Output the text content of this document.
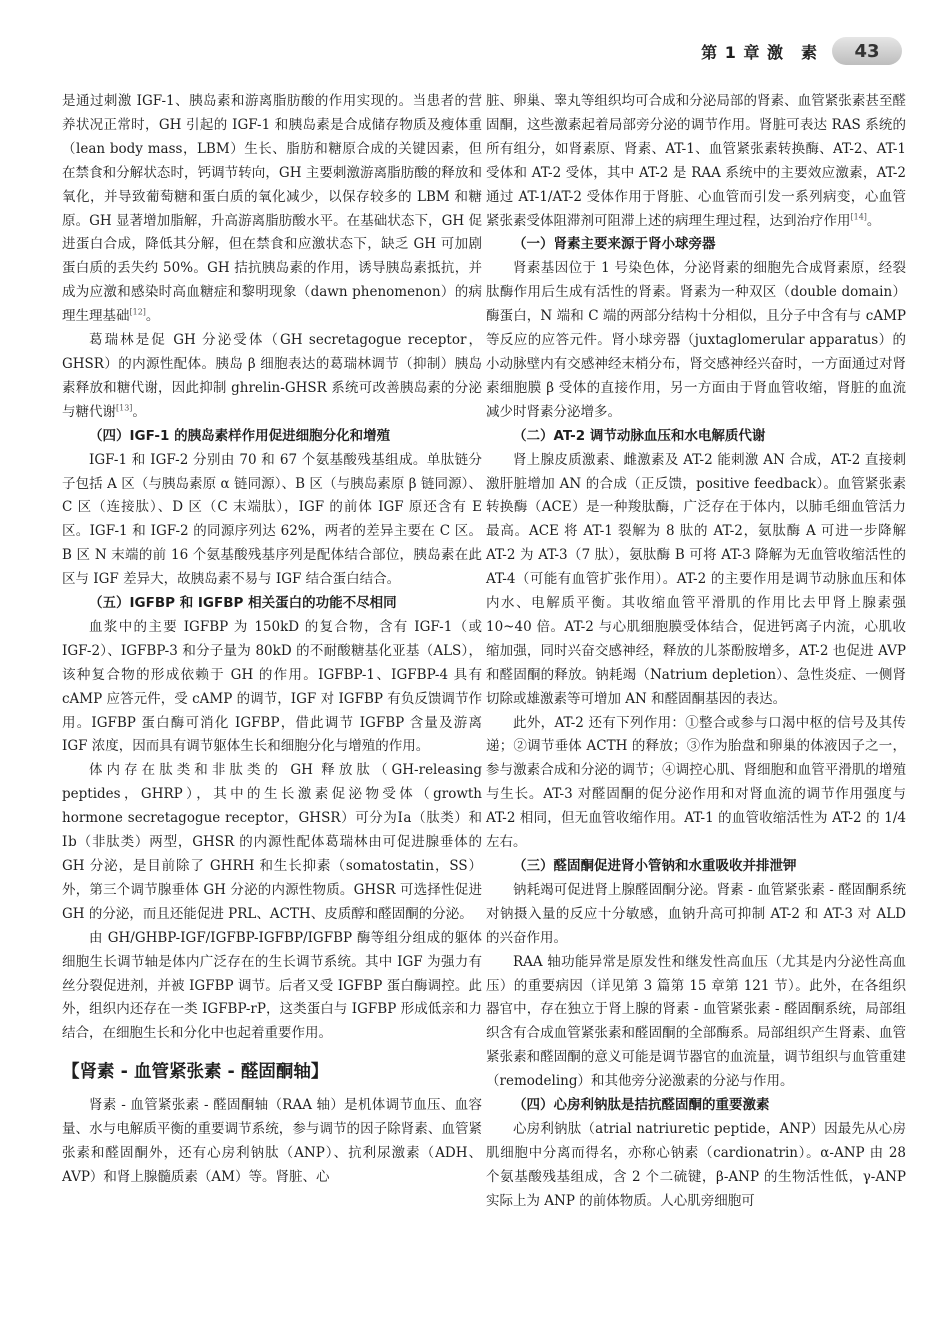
第 1 章 激　素	43

是通过刺激 IGF-1、胰岛素和游离脂肪酸的作用实现的。当患者的营养状况正常时，GH 引起的 IGF-1 和胰岛素是合成储存物质及瘦体重（lean body mass，LBM）生长、脂肪和糖原合成的关键因素，但在禁食和分解状态时，钙调节转向，GH 主要刺激游离脂肪酸的释放和氧化，并导致葡萄糖和蛋白质的氧化减少，以保存较多的 LBM 和糖原。GH 显著增加脂解，升高游离脂肪酸水平。在基础状态下，GH 促进蛋白合成，降低其分解，但在禁食和应激状态下，缺乏 GH 可加剧蛋白质的丢失约 50%。GH 拮抗胰岛素的作用，诱导胰岛素抵抗，并成为应激和感染时高血糖症和黎明现象（dawn phenomenon）的病理生理基础[12]。

葛瑞林是促 GH 分泌受体（GH secretagogue receptor，GHSR）的内源性配体。胰岛 β 细胞表达的葛瑞林调节（抑制）胰岛素释放和糖代谢，因此抑制 ghrelin-GHSR 系统可改善胰岛素的分泌与糖代谢[13]。

（四）IGF-1 的胰岛素样作用促进细胞分化和增殖

IGF-1 和 IGF-2 分别由 70 和 67 个氨基酸残基组成。单肽链分子包括 A 区（与胰岛素原 α 链同源）、B 区（与胰岛素原 β 链同源）、C 区（连接肽）、D 区（C 末端肽），IGF 的前体 IGF 原还含有 E 区。IGF-1 和 IGF-2 的同源序列达 62%，两者的差异主要在 C 区。B 区 N 末端的前 16 个氨基酸残基序列是配体结合部位，胰岛素在此区与 IGF 差异大，故胰岛素不易与 IGF 结合蛋白结合。

（五）IGFBP 和 IGFBP 相关蛋白的功能不尽相同

血浆中的主要 IGFBP 为 150kD 的复合物，含有 IGF-1（或 IGF-2）、IGFBP-3 和分子量为 80kD 的不耐酸糖基化亚基（ALS），该种复合物的形成依赖于 GH 的作用。IGFBP-1、IGFBP-4 具有 cAMP 应答元件，受 cAMP 的调节，IGF 对 IGFBP 有负反馈调节作用。IGFBP 蛋白酶可消化 IGFBP，借此调节 IGFBP 含量及游离 IGF 浓度，因而具有调节躯体生长和细胞分化与增殖的作用。

体内存在肽类和非肽类的 GH 释放肽（GH-releasing peptides，GHRP），其中的生长激素促泌物受体（growth hormone secretagogue receptor，GHSR）可分为Ⅰa（肽类）和Ⅰb（非肽类）两型，GHSR 的内源性配体葛瑞林由可促进腺垂体的 GH 分泌，是目前除了 GHRH 和生长抑素（somatostatin，SS）外，第三个调节腺垂体 GH 分泌的内源性物质。GHSR 可选择性促进 GH 的分泌，而且还能促进 PRL、ACTH、皮质醇和醛固酮的分泌。

由 GH/GHBP-IGF/IGFBP-IGFBP/IGFBP 酶等组分组成的躯体细胞生长调节轴是体内广泛存在的生长调节系统。其中 IGF 为强力有丝分裂促进剂，并被 IGFBP 调节。后者又受 IGFBP 蛋白酶调控。此外，组织内还存在一类 IGFBP-rP，这类蛋白与 IGFBP 形成低亲和力结合，在细胞生长和分化中也起着重要作用。

【肾素 - 血管紧张素 - 醛固酮轴】

肾素 - 血管紧张素 - 醛固酮轴（RAA 轴）是机体调节血压、血容量、水与电解质平衡的重要调节系统，参与调节的因子除肾素、血管紧张素和醛固酮外，还有心房利钠肽（ANP）、抗利尿激素（ADH、AVP）和肾上腺髓质素（AM）等。肾脏、心

脏、卵巢、睾丸等组织均可合成和分泌局部的肾素、血管紧张素甚至醛固酮，这些激素起着局部旁分泌的调节作用。肾脏可表达 RAS 系统的所有组分，如肾素原、肾素、AT-1、血管紧张素转换酶、AT-2、AT-1 受体和 AT-2 受体，其中 AT-2 是 RAA 系统中的主要效应激素，AT-2 通过 AT-1/AT-2 受体作用于肾脏、心血管而引发一系列病变，心血管紧张素受体阻滞剂可阻滞上述的病理生理过程，达到治疗作用[14]。

（一）肾素主要来源于肾小球旁器

肾素基因位于 1 号染色体，分泌肾素的细胞先合成肾素原，经裂肽酶作用后生成有活性的肾素。肾素为一种双区（double domain）酶蛋白，N 端和 C 端的两部分结构十分相似，且分子中含有与 cAMP 等反应的应答元件。肾小球旁器（juxtaglomerular apparatus）的小动脉壁内有交感神经末梢分布，肾交感神经兴奋时，一方面通过对肾素细胞膜 β 受体的直接作用，另一方面由于肾血管收缩，肾脏的血流减少时肾素分泌增多。

（二）AT-2 调节动脉血压和水电解质代谢

肾上腺皮质激素、雌激素及 AT-2 能刺激 AN 合成，AT-2 直接刺激肝脏增加 AN 的合成（正反馈，positive feedback）。血管紧张素转换酶（ACE）是一种羧肽酶，广泛存在于体内，以肺毛细血管活力最高。ACE 将 AT-1 裂解为 8 肽的 AT-2，氨肽酶 A 可进一步降解 AT-2 为 AT-3（7 肽），氨肽酶 B 可将 AT-3 降解为无血管收缩活性的 AT-4（可能有血管扩张作用）。AT-2 的主要作用是调节动脉血压和体内水、电解质平衡。其收缩血管平滑肌的作用比去甲肾上腺素强 10~40 倍。AT-2 与心肌细胞膜受体结合，促进钙离子内流，心肌收缩加强，同时兴奋交感神经，释放的儿茶酚胺增多，AT-2 也促进 AVP 和醛固酮的释放。钠耗竭（Natrium depletion）、急性炎症、一侧肾切除或雄激素等可增加 AN 和醛固酮基因的表达。

此外，AT-2 还有下列作用：①整合或参与口渴中枢的信号及其传递；②调节垂体 ACTH 的释放；③作为胎盘和卵巢的体液因子之一，参与激素合成和分泌的调节；④调控心肌、肾细胞和血管平滑肌的增殖与生长。AT-3 对醛固酮的促分泌作用和对肾血流的调节作用强度与 AT-2 相同，但无血管收缩作用。AT-1 的血管收缩活性为 AT-2 的 1/4 左右。

（三）醛固酮促进肾小管钠和水重吸收并排泄钾

钠耗竭可促进肾上腺醛固酮分泌。肾素 - 血管紧张素 - 醛固酮系统对钠摄入量的反应十分敏感，血钠升高可抑制 AT-2 和 AT-3 对 ALD 的兴奋作用。

RAA 轴功能异常是原发性和继发性高血压（尤其是内分泌性高血压）的重要病因（详见第 3 篇第 15 章第 121 节）。此外，在各组织器官中，存在独立于肾上腺的肾素 - 血管紧张素 - 醛固酮系统，局部组织含有合成血管紧张素和醛固酮的全部酶系。局部组织产生肾素、血管紧张素和醛固酮的意义可能是调节器官的血流量，调节组织与血管重建（remodeling）和其他旁分泌激素的分泌与作用。

（四）心房利钠肽是拮抗醛固酮的重要激素

心房利钠肽（atrial natriuretic peptide，ANP）因最先从心房肌细胞中分离而得名，亦称心钠素（cardionatrin）。α-ANP 由 28 个氨基酸残基组成，含 2 个二硫键，β-ANP 的生物活性低，γ-ANP 实际上为 ANP 的前体物质。人心肌旁细胞可
